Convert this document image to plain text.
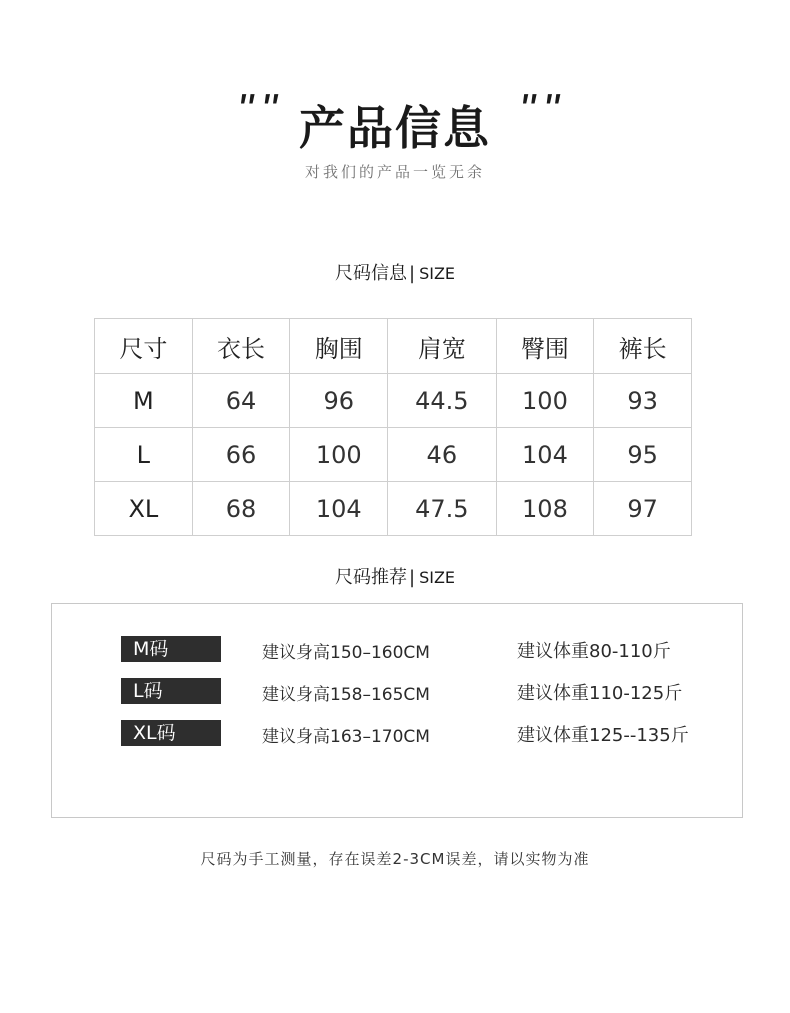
ʺʺ 产品信息 ʺʺ
对我们的产品一览无余
尺码信息 | SIZE
尺寸	衣长	胸围	肩宽	臀围	裤长
M	64	96	44.5	100	93
L	66	100	46	104	95
XL	68	104	47.5	108	97
尺码推荐 | SIZE
M码	建议身高150–160CM	建议体重80-110斤
L码	建议身高158–165CM	建议体重110-125斤
XL码	建议身高163–170CM	建议体重125--135斤
尺码为手工测量，存在误差2-3CM误差，请以实物为准
